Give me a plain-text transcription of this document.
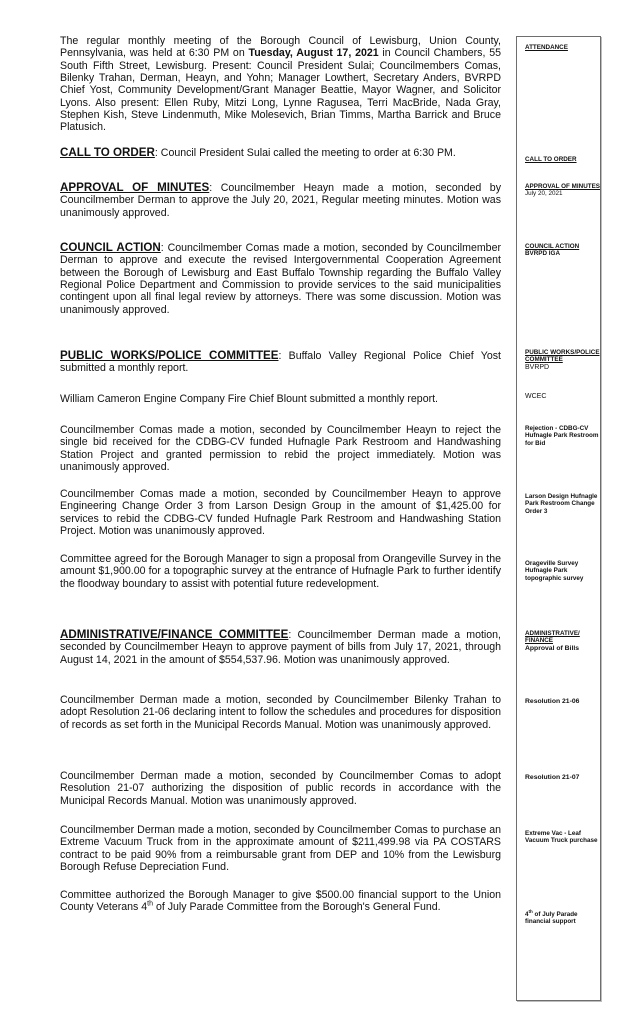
The regular monthly meeting of the Borough Council of Lewisburg, Union County, Pennsylvania, was held at 6:30 PM on Tuesday, August 17, 2021 in Council Chambers, 55 South Fifth Street, Lewisburg. Present: Council President Sulai; Councilmembers Comas, Bilenky Trahan, Derman, Heayn, and Yohn; Manager Lowthert, Secretary Anders, BVRPD Chief Yost, Community Development/Grant Manager Beattie, Mayor Wagner, and Solicitor Lyons. Also present: Ellen Ruby, Mitzi Long, Lynne Ragusea, Terri MacBride, Nada Gray, Stephen Kish, Steve Lindenmuth, Mike Molesevich, Brian Timms, Martha Barrick and Bruce Platusich.

CALL TO ORDER: Council President Sulai called the meeting to order at 6:30 PM.

APPROVAL OF MINUTES: Councilmember Heayn made a motion, seconded by Councilmember Derman to approve the July 20, 2021, Regular meeting minutes. Motion was unanimously approved.

COUNCIL ACTION: Councilmember Comas made a motion, seconded by Councilmember Derman to approve and execute the revised Intergovernmental Cooperation Agreement between the Borough of Lewisburg and East Buffalo Township regarding the Buffalo Valley Regional Police Department and Commission to provide services to the said municipalities contingent upon all final legal review by attorneys. There was some discussion. Motion was unanimously approved.

PUBLIC WORKS/POLICE COMMITTEE: Buffalo Valley Regional Police Chief Yost submitted a monthly report.

William Cameron Engine Company Fire Chief Blount submitted a monthly report.

Councilmember Comas made a motion, seconded by Councilmember Heayn to reject the single bid received for the CDBG-CV funded Hufnagle Park Restroom and Handwashing Station Project and granted permission to rebid the project immediately. Motion was unanimously approved.

Councilmember Comas made a motion, seconded by Councilmember Heayn to approve Engineering Change Order 3 from Larson Design Group in the amount of $1,425.00 for services to rebid the CDBG-CV funded Hufnagle Park Restroom and Handwashing Station Project. Motion was unanimously approved.

Committee agreed for the Borough Manager to sign a proposal from Orangeville Survey in the amount $1,900.00 for a topographic survey at the entrance of Hufnagle Park to further identify the floodway boundary to assist with potential future redevelopment.

ADMINISTRATIVE/FINANCE COMMITTEE: Councilmember Derman made a motion, seconded by Councilmember Heayn to approve payment of bills from July 17, 2021, through August 14, 2021 in the amount of $554,537.96. Motion was unanimously approved.

Councilmember Derman made a motion, seconded by Councilmember Bilenky Trahan to adopt Resolution 21-06 declaring intent to follow the schedules and procedures for disposition of records as set forth in the Municipal Records Manual. Motion was unanimously approved.

Councilmember Derman made a motion, seconded by Councilmember Comas to adopt Resolution 21-07 authorizing the disposition of public records in accordance with the Municipal Records Manual. Motion was unanimously approved.

Councilmember Derman made a motion, seconded by Councilmember Comas to purchase an Extreme Vacuum Truck from in the approximate amount of $211,499.98 via PA COSTARS contract to be paid 90% from a reimbursable grant from DEP and 10% from the Lewisburg Borough Refuse Depreciation Fund.

Committee authorized the Borough Manager to give $500.00 financial support to the Union County Veterans 4th of July Parade Committee from the Borough's General Fund.

ATTENDANCE
CALL TO ORDER
APPROVAL OF MINUTES
July 20, 2021
COUNCIL ACTION
BVRPD IGA
PUBLIC WORKS/POLICE COMMITTEE
BVRPD
WCEC
Rejection - CDBG-CV Hufnagle Park Restroom for Bid
Larson Design Hufnagle Park Restroom Change Order 3
Orageville Survey Hufnagle Park topographic survey
ADMINISTRATIVE/ FINANCE
Approval of Bills
Resolution 21-06
Resolution 21-07
Extreme Vac - Leaf Vacuum Truck purchase
4th of July Parade financial support
